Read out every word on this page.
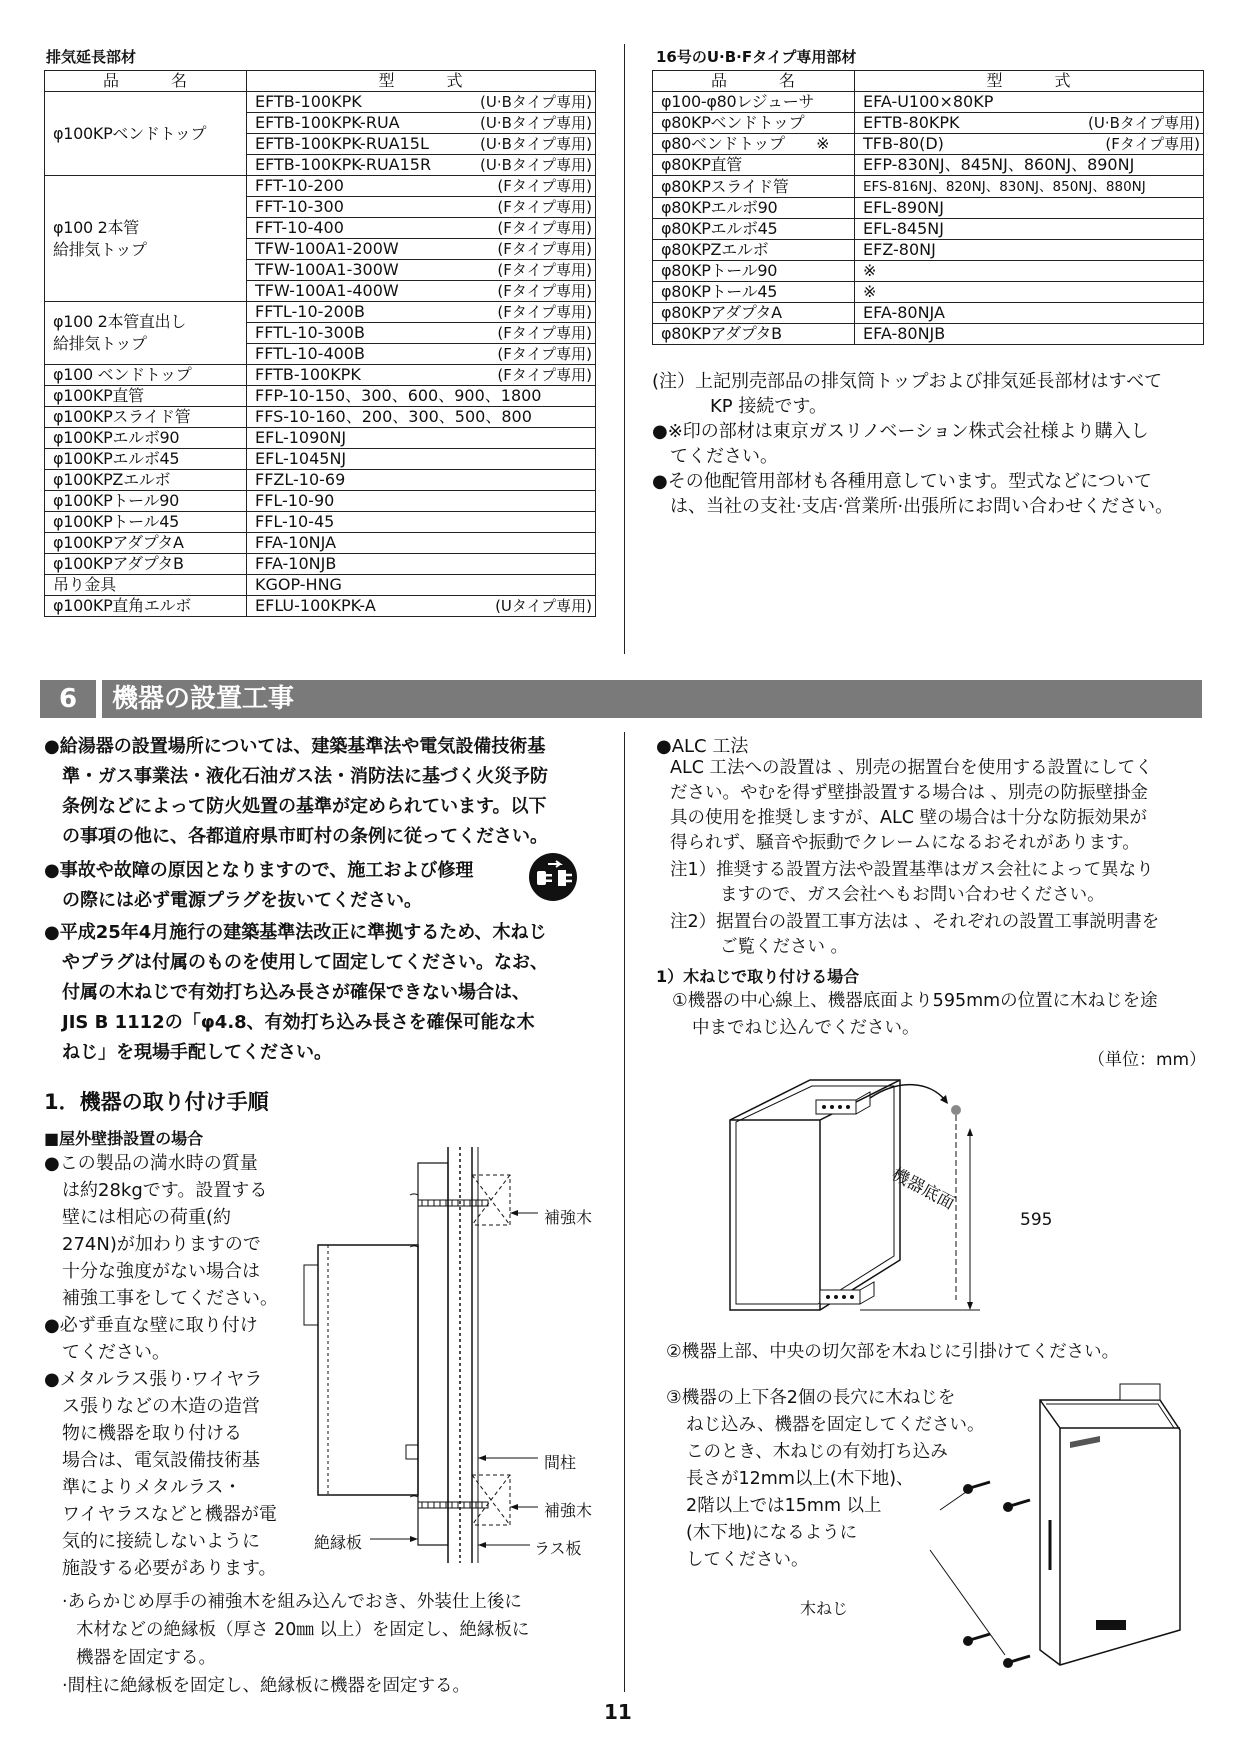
排気延長部材
品　　　名	型　　　式
φ100KPベンドトップ	EFTB-100KPK (U·Bタイプ専用)

	EFTB-100KPK-RUA (U·Bタイプ専用)

	EFTB-100KPK-RUA15L (U·Bタイプ専用)

	EFTB-100KPK-RUA15R (U·Bタイプ専用)

φ100 2本管
給排気トップ	FFT-10-200 (Fタイプ専用)

	FFT-10-300 (Fタイプ専用)

	FFT-10-400 (Fタイプ専用)

	TFW-100A1-200W (Fタイプ専用)

	TFW-100A1-300W (Fタイプ専用)

	TFW-100A1-400W (Fタイプ専用)

φ100 2本管直出し
給排気トップ	FFTL-10-200B (Fタイプ専用)

	FFTL-10-300B (Fタイプ専用)

	FFTL-10-400B (Fタイプ専用)

φ100 ベンドトップ	FFTB-100KPK (Fタイプ専用)

φ100KP直管	FFP-10-150、300、600、900、1800
φ100KPスライド管	FFS-10-160、200、300、500、800
φ100KPエルボ90	EFL-1090NJ
φ100KPエルボ45	EFL-1045NJ
φ100KPZエルボ	FFZL-10-69
φ100KPトール90	FFL-10-90
φ100KPトール45	FFL-10-45
φ100KPアダプタA	FFA-10NJA
φ100KPアダプタB	FFA-10NJB
吊り金具	KGOP-HNG
φ100KP直角エルボ	EFLU-100KPK-A (Uタイプ専用)
16号のU·B·Fタイプ専用部材
品　　　名	型　　　式
φ100-φ80レジューサ	EFA-U100×80KP
φ80KPベンドトップ	EFTB-80KPK (U·Bタイプ専用)

φ80ベンドトップ　　※	TFB-80(D) (Fタイプ専用)

φ80KP直管	EFP-830NJ、845NJ、860NJ、890NJ
φ80KPスライド管	EFS-816NJ、820NJ、830NJ、850NJ、880NJ
φ80KPエルボ90	EFL-890NJ
φ80KPエルボ45	EFL-845NJ
φ80KPZエルボ	EFZ-80NJ
φ80KPトール90	※
φ80KPトール45	※
φ80KPアダプタA	EFA-80NJA
φ80KPアダプタB	EFA-80NJB
(注）上記別売部品の排気筒トップおよび排気延長部材はすべて
KP 接続です。
●※印の部材は東京ガスリノベーション株式会社様より購入し
てください。
●その他配管用部材も各種用意しています。型式などについて
は、当社の支社·支店·営業所·出張所にお問い合わせください。
6	機器の設置工事
●給湯器の設置場所については、建築基準法や電気設備技術基
準・ガス事業法・液化石油ガス法・消防法に基づく火災予防
条例などによって防火処置の基準が定められています。以下
の事項の他に、各都道府県市町村の条例に従ってください。
●事故や故障の原因となりますので、施工および修理
の際には必ず電源プラグを抜いてください。
●平成25年4月施行の建築基準法改正に準拠するため、木ねじ
やプラグは付属のものを使用して固定してください。なお、
付属の木ねじで有効打ち込み長さが確保できない場合は、
JIS B 1112の「φ4.8、有効打ち込み長さを確保可能な木
ねじ」を現場手配してください。
1．機器の取り付け手順
■屋外壁掛設置の場合
●この製品の満水時の質量
は約28kgです。設置する
壁には相応の荷重(約
274N)が加わりますので
十分な強度がない場合は
補強工事をしてください。
●必ず垂直な壁に取り付け
てください。
●メタルラス張り·ワイヤラ
ス張りなどの木造の造営
物に機器を取り付ける
場合は、電気設備技術基
準によりメタルラス・
ワイヤラスなどと機器が電
気的に接続しないように
施設する必要があります。
補強木
間柱
補強木
絶縁板	ラス板
·あらかじめ厚手の補強木を組み込んでおき、外装仕上後に
木材などの絶縁板（厚さ 20㎜ 以上）を固定し、絶縁板に
機器を固定する。
·間柱に絶縁板を固定し、絶縁板に機器を固定する。
●ALC 工法
ALC 工法への設置は 、別売の据置台を使用する設置にしてく
ださい。やむを得ず壁掛設置する場合は 、別売の防振壁掛金
具の使用を推奨しますが、ALC 壁の場合は十分な防振効果が
得られず、騒音や振動でクレームになるおそれがあります。
注1）推奨する設置方法や設置基準はガス会社によって異なり
ますので、ガス会社へもお問い合わせください。
注2）据置台の設置工事方法は 、それぞれの設置工事説明書を
ご覧ください 。
1）木ねじで取り付ける場合
①機器の中心線上、機器底面より595mmの位置に木ねじを途
中までねじ込んでください。
（単位：mm）
595
機器底面
②機器上部、中央の切欠部を木ねじに引掛けてください。
③機器の上下各2個の長穴に木ねじを
ねじ込み、機器を固定してください。
このとき、木ねじの有効打ち込み
長さが12mm以上(木下地)、
2階以上では15mm 以上
(木下地)になるように
してください。
木ねじ
11
